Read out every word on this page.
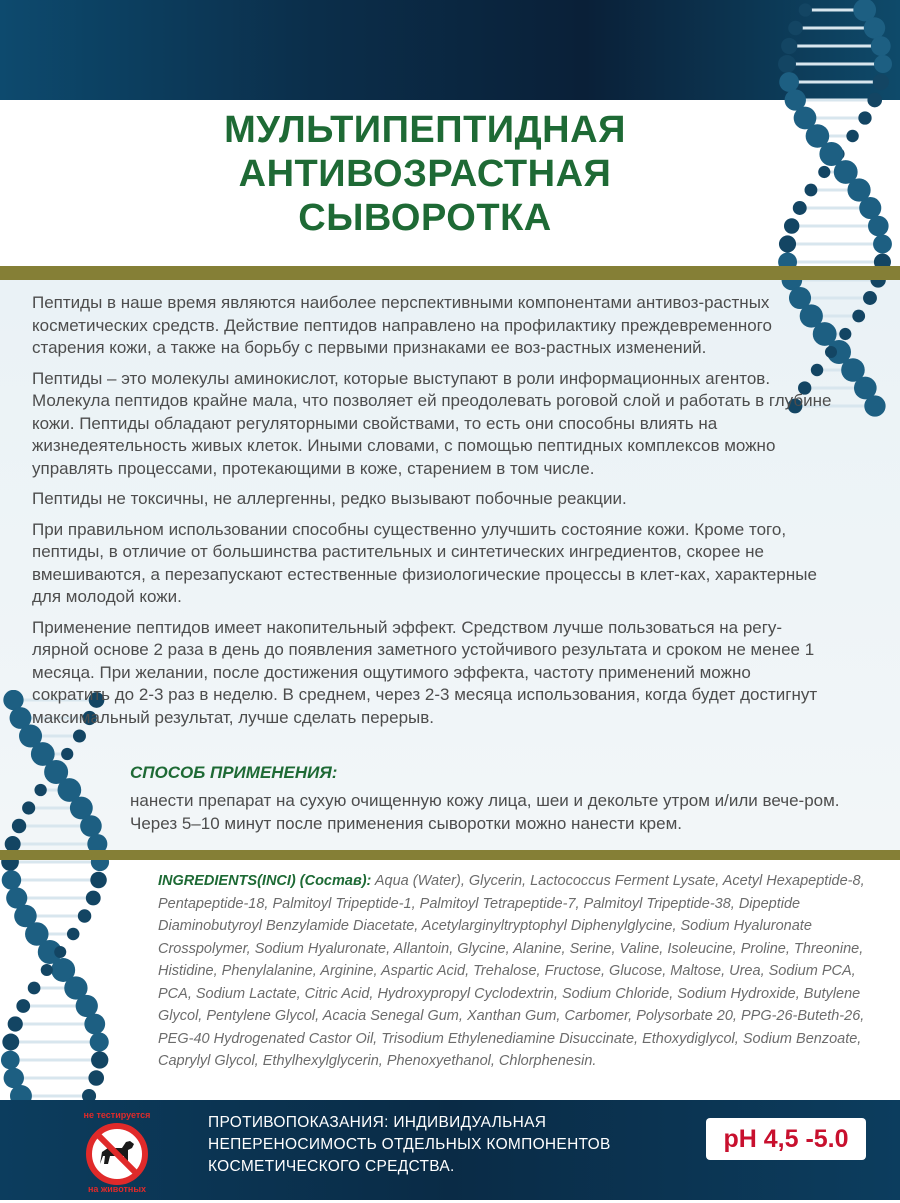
МУЛЬТИПЕПТИДНАЯ
АНТИВОЗРАСТНАЯ
СЫВОРОТКА

Пептиды в наше время являются наиболее перспективными компонентами антивоз-растных косметических средств. Действие пептидов направлено на профилактику преждевременного старения кожи, а также на борьбу с первыми признаками ее воз-растных изменений.

Пептиды – это молекулы аминокислот, которые выступают в роли информационных агентов. Молекула пептидов крайне мала, что позволяет ей преодолевать роговой слой и работать в глубине кожи. Пептиды обладают регуляторными свойствами, то есть они способны влиять на жизнедеятельность живых клеток. Иными словами, с помощью пептидных комплексов можно управлять процессами, протекающими в коже, старением в том числе.

Пептиды не токсичны, не аллергенны, редко вызывают побочные реакции.

При правильном использовании способны существенно улучшить состояние кожи. Кроме того, пептиды, в отличие от большинства растительных и синтетических ингредиентов, скорее не вмешиваются, а перезапускают естественные физиологические процессы в клет-ках, характерные для молодой кожи.

Применение пептидов имеет накопительный эффект. Средством лучше пользоваться на регу-лярной основе 2 раза в день до появления заметного устойчивого результата и сроком не менее 1 месяца. При желании, после достижения ощутимого эффекта, частоту применений можно сократить до 2-3 раз в неделю. В среднем, через 2-3 месяца использования, когда будет достигнут максимальный результат, лучше сделать перерыв.

СПОСОБ ПРИМЕНЕНИЯ:
нанести препарат на сухую очищенную кожу лица, шеи и декольте утром и/или вече-ром. Через 5–10 минут после применения сыворотки можно нанести крем.
INGREDIENTS(INCI) (Состав): Aqua (Water), Glycerin, Lactococcus Ferment Lysate, Acetyl Hexapeptide-8, Pentapeptide-18, Palmitoyl Tripeptide-1, Palmitoyl Tetrapeptide-7, Palmitoyl Tripeptide-38, Dipeptide Diaminobutyroyl Benzylamide Diacetate, Acetylarginyltryptophyl Diphenylglycine, Sodium Hyaluronate Crosspolymer, Sodium Hyaluronate, Allantoin, Glycine, Alanine, Serine, Valine, Isoleucine, Proline, Threonine, Histidine, Phenylalanine, Arginine, Aspartic Acid, Trehalose, Fructose, Glucose, Maltose, Urea, Sodium PCA, PCA, Sodium Lactate, Citric Acid, Hydroxypropyl Cyclodextrin, Sodium Chloride, Sodium Hydroxide, Butylene Glycol, Pentylene Glycol, Acacia Senegal Gum, Xanthan Gum, Carbomer, Polysorbate 20, PPG-26-Buteth-26, PEG-40 Hydrogenated Castor Oil, Trisodium Ethylenediamine Disuccinate, Ethoxydiglycol, Sodium Benzoate, Caprylyl Glycol, Ethylhexylglycerin, Phenoxyethanol, Chlorphenesin.
не тестируется
на животных
ПРОТИВОПОКАЗАНИЯ: ИНДИВИДУАЛЬНАЯ НЕПЕРЕНОСИМОСТЬ ОТДЕЛЬНЫХ КОМПОНЕНТОВ КОСМЕТИЧЕСКОГО СРЕДСТВА.
pH 4,5 -5.0
